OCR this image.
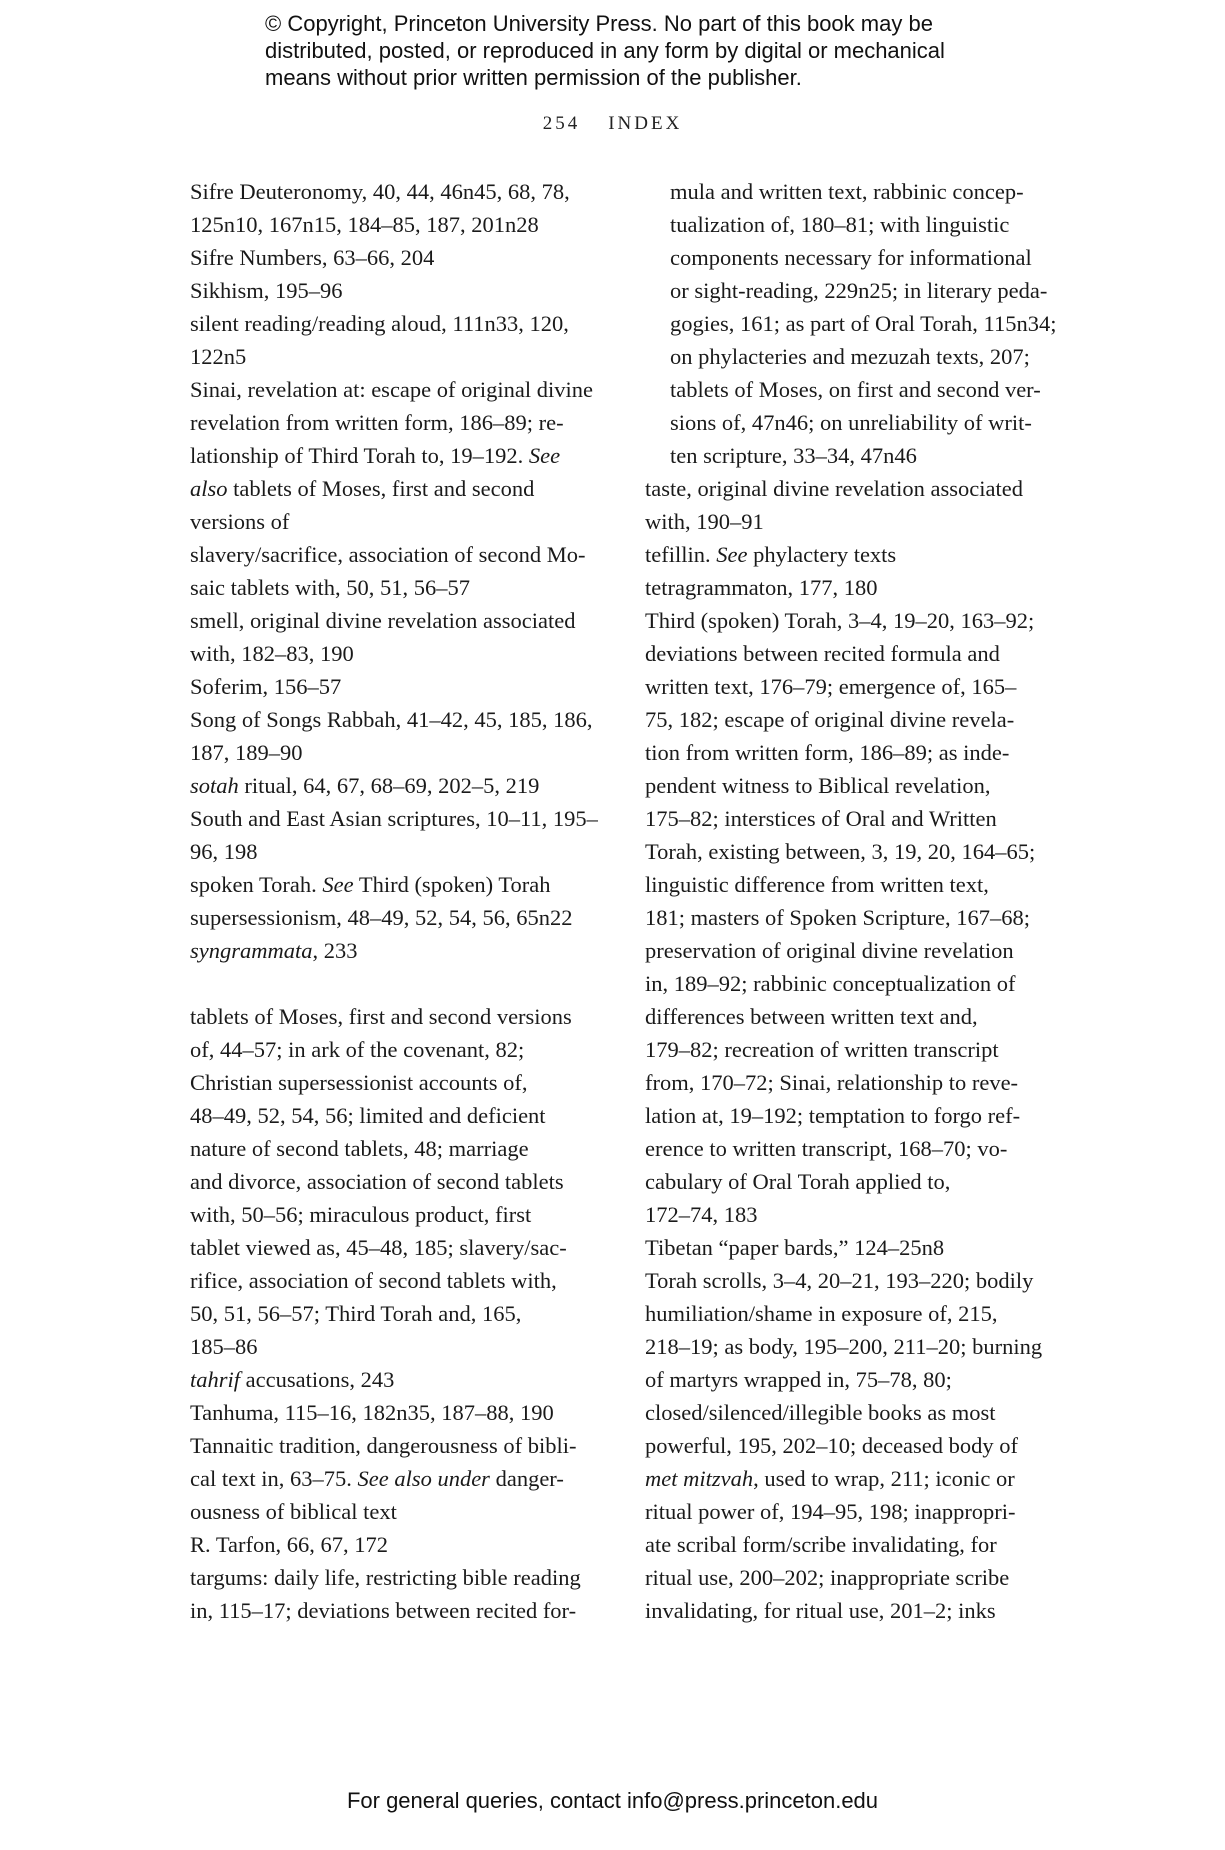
© Copyright, Princeton University Press. No part of this book may be
distributed, posted, or reproduced in any form by digital or mechanical
means without prior written permission of the publisher.
254 INDEX
Sifre Deuteronomy, 40, 44, 46n45, 68, 78,
125n10, 167n15, 184–85, 187, 201n28
Sifre Numbers, 63–66, 204
Sikhism, 195–96
silent reading/reading aloud, 111n33, 120,
122n5
Sinai, revelation at: escape of original divine
revelation from written form, 186–89; re-
lationship of Third Torah to, 19–192. See
also tablets of Moses, first and second
versions of
slavery/sacrifice, association of second Mo-
saic tablets with, 50, 51, 56–57
smell, original divine revelation associated
with, 182–83, 190
Soferim, 156–57
Song of Songs Rabbah, 41–42, 45, 185, 186,
187, 189–90
sotah ritual, 64, 67, 68–69, 202–5, 219
South and East Asian scriptures, 10–11, 195–
96, 198
spoken Torah. See Third (spoken) Torah
supersessionism, 48–49, 52, 54, 56, 65n22
syngrammata, 233
tablets of Moses, first and second versions
of, 44–57; in ark of the covenant, 82;
Christian supersessionist accounts of,
48–49, 52, 54, 56; limited and deficient
nature of second tablets, 48; marriage
and divorce, association of second tablets
with, 50–56; miraculous product, first
tablet viewed as, 45–48, 185; slavery/sac-
rifice, association of second tablets with,
50, 51, 56–57; Third Torah and, 165,
185–86
tahrif accusations, 243
Tanhuma, 115–16, 182n35, 187–88, 190
Tannaitic tradition, dangerousness of bibli-
cal text in, 63–75. See also under danger-
ousness of biblical text
R. Tarfon, 66, 67, 172
targums: daily life, restricting bible reading
in, 115–17; deviations between recited for-
mula and written text, rabbinic concep-
tualization of, 180–81; with linguistic
components necessary for informational
or sight-reading, 229n25; in literary peda-
gogies, 161; as part of Oral Torah, 115n34;
on phylacteries and mezuzah texts, 207;
tablets of Moses, on first and second ver-
sions of, 47n46; on unreliability of writ-
ten scripture, 33–34, 47n46
taste, original divine revelation associated
with, 190–91
tefillin. See phylactery texts
tetragrammaton, 177, 180
Third (spoken) Torah, 3–4, 19–20, 163–92;
deviations between recited formula and
written text, 176–79; emergence of, 165–
75, 182; escape of original divine revela-
tion from written form, 186–89; as inde-
pendent witness to Biblical revelation,
175–82; interstices of Oral and Written
Torah, existing between, 3, 19, 20, 164–65;
linguistic difference from written text,
181; masters of Spoken Scripture, 167–68;
preservation of original divine revelation
in, 189–92; rabbinic conceptualization of
differences between written text and,
179–82; recreation of written transcript
from, 170–72; Sinai, relationship to reve-
lation at, 19–192; temptation to forgo ref-
erence to written transcript, 168–70; vo-
cabulary of Oral Torah applied to,
172–74, 183
Tibetan “paper bards,” 124–25n8
Torah scrolls, 3–4, 20–21, 193–220; bodily
humiliation/shame in exposure of, 215,
218–19; as body, 195–200, 211–20; burning
of martyrs wrapped in, 75–78, 80;
closed/silenced/illegible books as most
powerful, 195, 202–10; deceased body of
met mitzvah, used to wrap, 211; iconic or
ritual power of, 194–95, 198; inappropri-
ate scribal form/scribe invalidating, for
ritual use, 200–202; inappropriate scribe
invalidating, for ritual use, 201–2; inks
For general queries, contact info@press.princeton.edu
